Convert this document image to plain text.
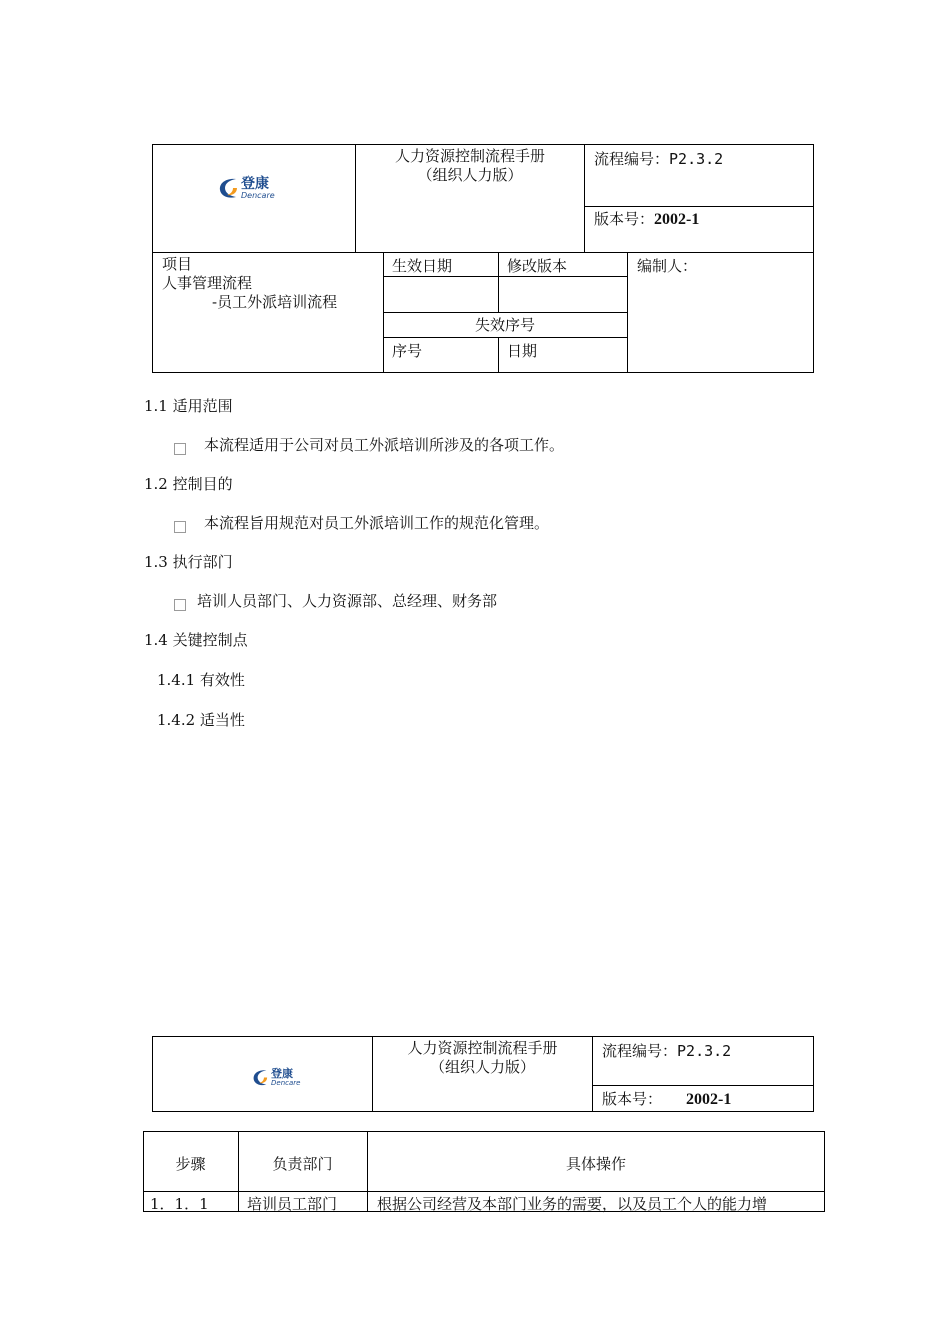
登康
Dencare
人力资源控制流程手册
（组织人力版）
流程编号：P2.3.2
版本号：2002-1
项目
人事管理流程
-员工外派培训流程
生效日期	修改版本	编制人：
失效序号
序号	日期
1.1 适用范围
本流程适用于公司对员工外派培训所涉及的各项工作。
1.2 控制目的
本流程旨用规范对员工外派培训工作的规范化管理。
1.3 执行部门
培训人员部门、人力资源部、总经理、财务部
1.4 关键控制点
1.4.1 有效性
1.4.2 适当性
登康
Dencare
人力资源控制流程手册
（组织人力版）
流程编号：P2.3.2
版本号： 2002-1
步骤	负责部门	具体操作
1．1．1	培训员工部门	根据公司经营及本部门业务的需要，以及员工个人的能力增
